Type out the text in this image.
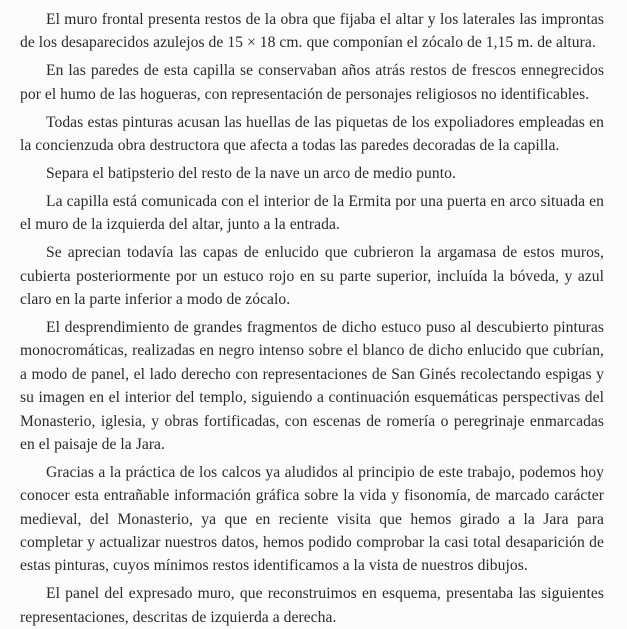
El muro frontal presenta restos de la obra que fijaba el altar y los laterales las improntas de los desaparecidos azulejos de 15 × 18 cm. que componían el zócalo de 1,15 m. de altura.

En las paredes de esta capilla se conservaban años atrás restos de frescos ennegrecidos por el humo de las hogueras, con representación de personajes religiosos no identificables.

Todas estas pinturas acusan las huellas de las piquetas de los expoliadores empleadas en la concienzuda obra destructora que afecta a todas las paredes decoradas de la capilla.

Separa el batipsterio del resto de la nave un arco de medio punto.

La capilla está comunicada con el interior de la Ermita por una puerta en arco situada en el muro de la izquierda del altar, junto a la entrada.

Se aprecian todavía las capas de enlucido que cubrieron la argamasa de estos muros, cubierta posteriormente por un estuco rojo en su parte superior, incluída la bóveda, y azul claro en la parte inferior a modo de zócalo.

El desprendimiento de grandes fragmentos de dicho estuco puso al descubierto pinturas monocromáticas, realizadas en negro intenso sobre el blanco de dicho enlucido que cubrían, a modo de panel, el lado derecho con representaciones de San Ginés recolectando espigas y su imagen en el interior del templo, siguiendo a continuación esquemáticas perspectivas del Monasterio, iglesia, y obras fortificadas, con escenas de romería o peregrinaje enmarcadas en el paisaje de la Jara.

Gracias a la práctica de los calcos ya aludidos al principio de este trabajo, podemos hoy conocer esta entrañable información gráfica sobre la vida y fisonomía, de marcado carácter medieval, del Monasterio, ya que en reciente visita que hemos girado a la Jara para completar y actualizar nuestros datos, hemos podido comprobar la casi total desaparición de estas pinturas, cuyos mínimos restos identificamos a la vista de nuestros dibujos.

El panel del expresado muro, que reconstruimos en esquema, presentaba las siguientes representaciones, descritas de izquierda a derecha.
